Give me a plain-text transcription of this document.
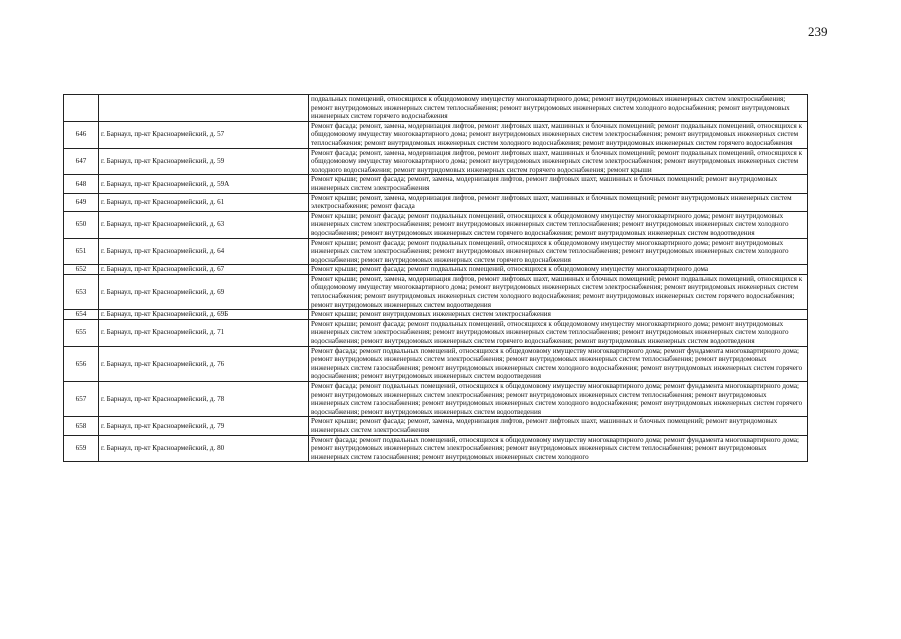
239
		подвальных помещений, относящихся к общедомовому имуществу многоквартирного дома; ремонт внутридомовых инженерных систем электроснабжения; ремонт внутридомовых инженерных систем теплоснабжения; ремонт внутридомовых инженерных систем холодного водоснабжения; ремонт внутридомовых инженерных систем горячего водоснабжения
646	г. Барнаул, пр-кт Красноармейский, д. 57	Ремонт фасада; ремонт, замена, модернизация лифтов, ремонт лифтовых шахт, машинных и блочных помещений; ремонт подвальных помещений, относящихся к общедомовому имуществу многоквартирного дома; ремонт внутридомовых инженерных систем электроснабжения; ремонт внутридомовых инженерных систем теплоснабжения; ремонт внутридомовых инженерных систем холодного водоснабжения; ремонт внутридомовых инженерных систем горячего водоснабжения
647	г. Барнаул, пр-кт Красноармейский, д. 59	Ремонт фасада; ремонт, замена, модернизация лифтов, ремонт лифтовых шахт, машинных и блочных помещений; ремонт подвальных помещений, относящихся к общедомовому имуществу многоквартирного дома; ремонт внутридомовых инженерных систем электроснабжения; ремонт внутридомовых инженерных систем холодного водоснабжения; ремонт внутридомовых инженерных систем горячего водоснабжения; ремонт крыши
648	г. Барнаул, пр-кт Красноармейский, д. 59А	Ремонт крыши; ремонт фасада; ремонт, замена, модернизация лифтов, ремонт лифтовых шахт, машинных и блочных помещений; ремонт внутридомовых инженерных систем электроснабжения
649	г. Барнаул, пр-кт Красноармейский, д. 61	Ремонт крыши; ремонт, замена, модернизация лифтов, ремонт лифтовых шахт, машинных и блочных помещений; ремонт внутридомовых инженерных систем электроснабжения; ремонт фасада
650	г. Барнаул, пр-кт Красноармейский, д. 63	Ремонт крыши; ремонт фасада; ремонт подвальных помещений, относящихся к общедомовому имуществу многоквартирного дома; ремонт внутридомовых инженерных систем электроснабжения; ремонт внутридомовых инженерных систем теплоснабжения; ремонт внутридомовых инженерных систем холодного водоснабжения; ремонт внутридомовых инженерных систем горячего водоснабжения; ремонт внутридомовых инженерных систем водоотведения
651	г. Барнаул, пр-кт Красноармейский, д. 64	Ремонт крыши; ремонт фасада; ремонт подвальных помещений, относящихся к общедомовому имуществу многоквартирного дома; ремонт внутридомовых инженерных систем электроснабжения; ремонт внутридомовых инженерных систем теплоснабжения; ремонт внутридомовых инженерных систем холодного водоснабжения; ремонт внутридомовых инженерных систем горячего водоснабжения
652	г. Барнаул, пр-кт Красноармейский, д. 67	Ремонт крыши; ремонт фасада; ремонт подвальных помещений, относящихся к общедомовому имуществу многоквартирного дома
653	г. Барнаул, пр-кт Красноармейский, д. 69	Ремонт крыши; ремонт, замена, модернизация лифтов, ремонт лифтовых шахт, машинных и блочных помещений; ремонт подвальных помещений, относящихся к общедомовому имуществу многоквартирного дома; ремонт внутридомовых инженерных систем электроснабжения; ремонт внутридомовых инженерных систем теплоснабжения; ремонт внутридомовых инженерных систем холодного водоснабжения; ремонт внутридомовых инженерных систем горячего водоснабжения; ремонт внутридомовых инженерных систем водоотведения
654	г. Барнаул, пр-кт Красноармейский, д. 69Б	Ремонт крыши; ремонт внутридомовых инженерных систем электроснабжения
655	г. Барнаул, пр-кт Красноармейский, д. 71	Ремонт крыши; ремонт фасада; ремонт подвальных помещений, относящихся к общедомовому имуществу многоквартирного дома; ремонт внутридомовых инженерных систем электроснабжения; ремонт внутридомовых инженерных систем теплоснабжения; ремонт внутридомовых инженерных систем холодного водоснабжения; ремонт внутридомовых инженерных систем горячего водоснабжения; ремонт внутридомовых инженерных систем водоотведения
656	г. Барнаул, пр-кт Красноармейский, д. 76	Ремонт фасада; ремонт подвальных помещений, относящихся к общедомовому имуществу многоквартирного дома; ремонт фундамента многоквартирного дома; ремонт внутридомовых инженерных систем электроснабжения; ремонт внутридомовых инженерных систем теплоснабжения; ремонт внутридомовых инженерных систем газоснабжения; ремонт внутридомовых инженерных систем холодного водоснабжения; ремонт внутридомовых инженерных систем горячего водоснабжения; ремонт внутридомовых инженерных систем водоотведения
657	г. Барнаул, пр-кт Красноармейский, д. 78	Ремонт фасада; ремонт подвальных помещений, относящихся к общедомовому имуществу многоквартирного дома; ремонт фундамента многоквартирного дома; ремонт внутридомовых инженерных систем электроснабжения; ремонт внутридомовых инженерных систем теплоснабжения; ремонт внутридомовых инженерных систем газоснабжения; ремонт внутридомовых инженерных систем холодного водоснабжения; ремонт внутридомовых инженерных систем горячего водоснабжения; ремонт внутридомовых инженерных систем водоотведения
658	г. Барнаул, пр-кт Красноармейский, д. 79	Ремонт крыши; ремонт фасада; ремонт, замена, модернизация лифтов, ремонт лифтовых шахт, машинных и блочных помещений; ремонт внутридомовых инженерных систем электроснабжения
659	г. Барнаул, пр-кт Красноармейский, д. 80	Ремонт фасада; ремонт подвальных помещений, относящихся к общедомовому имуществу многоквартирного дома; ремонт фундамента многоквартирного дома; ремонт внутридомовых инженерных систем электроснабжения; ремонт внутридомовых инженерных систем теплоснабжения; ремонт внутридомовых инженерных систем газоснабжения; ремонт внутридомовых инженерных систем холодного
